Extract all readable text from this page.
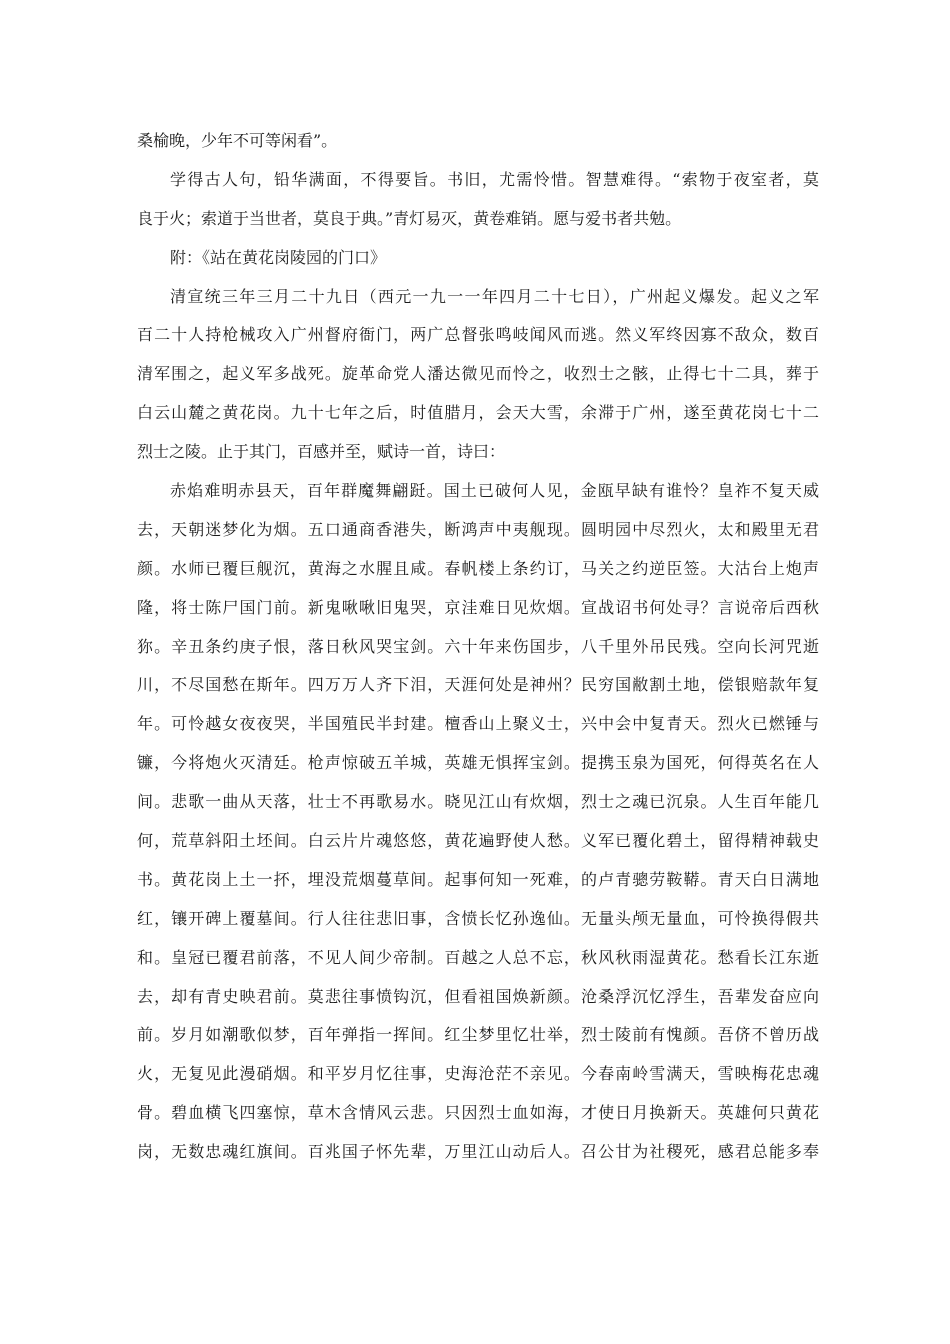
桑榆晚，少年不可等闲看”。
学得古人句，铅华满面，不得要旨。书旧，尤需怜惜。智慧难得。“索物于夜室者，莫
良于火；索道于当世者，莫良于典。”青灯易灭，黄卷难销。愿与爱书者共勉。
附：《站在黄花岗陵园的门口》
清宣统三年三月二十九日（西元一九一一年四月二十七日），广州起义爆发。起义之军
百二十人持枪械攻入广州督府衙门，两广总督张鸣岐闻风而逃。然义军终因寡不敌众，数百
清军围之，起义军多战死。旋革命党人潘达微见而怜之，收烈士之骸，止得七十二具，葬于
白云山麓之黄花岗。九十七年之后，时值腊月，会天大雪，余滞于广州，遂至黄花岗七十二
烈士之陵。止于其门，百感并至，赋诗一首，诗曰：
赤焰难明赤县天，百年群魔舞翩跹。国土已破何人见，金瓯早缺有谁怜？皇祚不复天威
去，天朝迷梦化为烟。五口通商香港失，断鸿声中夷舰现。圆明园中尽烈火，太和殿里无君
颜。水师已覆巨舰沉，黄海之水腥且咸。春帆楼上条约订，马关之约逆臣签。大沽台上炮声
隆，将士陈尸国门前。新鬼啾啾旧鬼哭，京洼难日见炊烟。宣战诏书何处寻？言说帝后西秋
狝。辛丑条约庚子恨，落日秋风哭宝剑。六十年来伤国步，八千里外吊民残。空向长河咒逝
川，不尽国愁在斯年。四万万人齐下泪，天涯何处是神州？民穷国敝割土地，偿银赔款年复
年。可怜越女夜夜哭，半国殖民半封建。檀香山上聚义士，兴中会中复青天。烈火已燃锤与
镰，今将炮火灭清廷。枪声惊破五羊城，英雄无惧挥宝剑。提携玉泉为国死，何得英名在人
间。悲歌一曲从天落，壮士不再歌易水。晓见江山有炊烟，烈士之魂已沉泉。人生百年能几
何，荒草斜阳土坯间。白云片片魂悠悠，黄花遍野使人愁。义军已覆化碧土，留得精神载史
书。黄花岗上土一抔，埋没荒烟蔓草间。起事何知一死难，的卢青骢劳鞍鞯。青天白日满地
红，镶开碑上覆墓间。行人往往悲旧事，含愤长忆孙逸仙。无量头颅无量血，可怜换得假共
和。皇冠已覆君前落，不见人间少帝制。百越之人总不忘，秋风秋雨湿黄花。愁看长江东逝
去，却有青史映君前。莫悲往事愤钩沉，但看祖国焕新颜。沧桑浮沉忆浮生，吾辈发奋应向
前。岁月如潮歌似梦，百年弹指一挥间。红尘梦里忆壮举，烈士陵前有愧颜。吾侪不曾历战
火，无复见此漫硝烟。和平岁月忆往事，史海沧茫不亲见。今春南岭雪满天，雪映梅花忠魂
骨。碧血横飞四塞惊，草木含情风云悲。只因烈士血如海，才使日月换新天。英雄何只黄花
岗，无数忠魂红旗间。百兆国子怀先辈，万里江山动后人。召公甘为社稷死，感君总能多奉
